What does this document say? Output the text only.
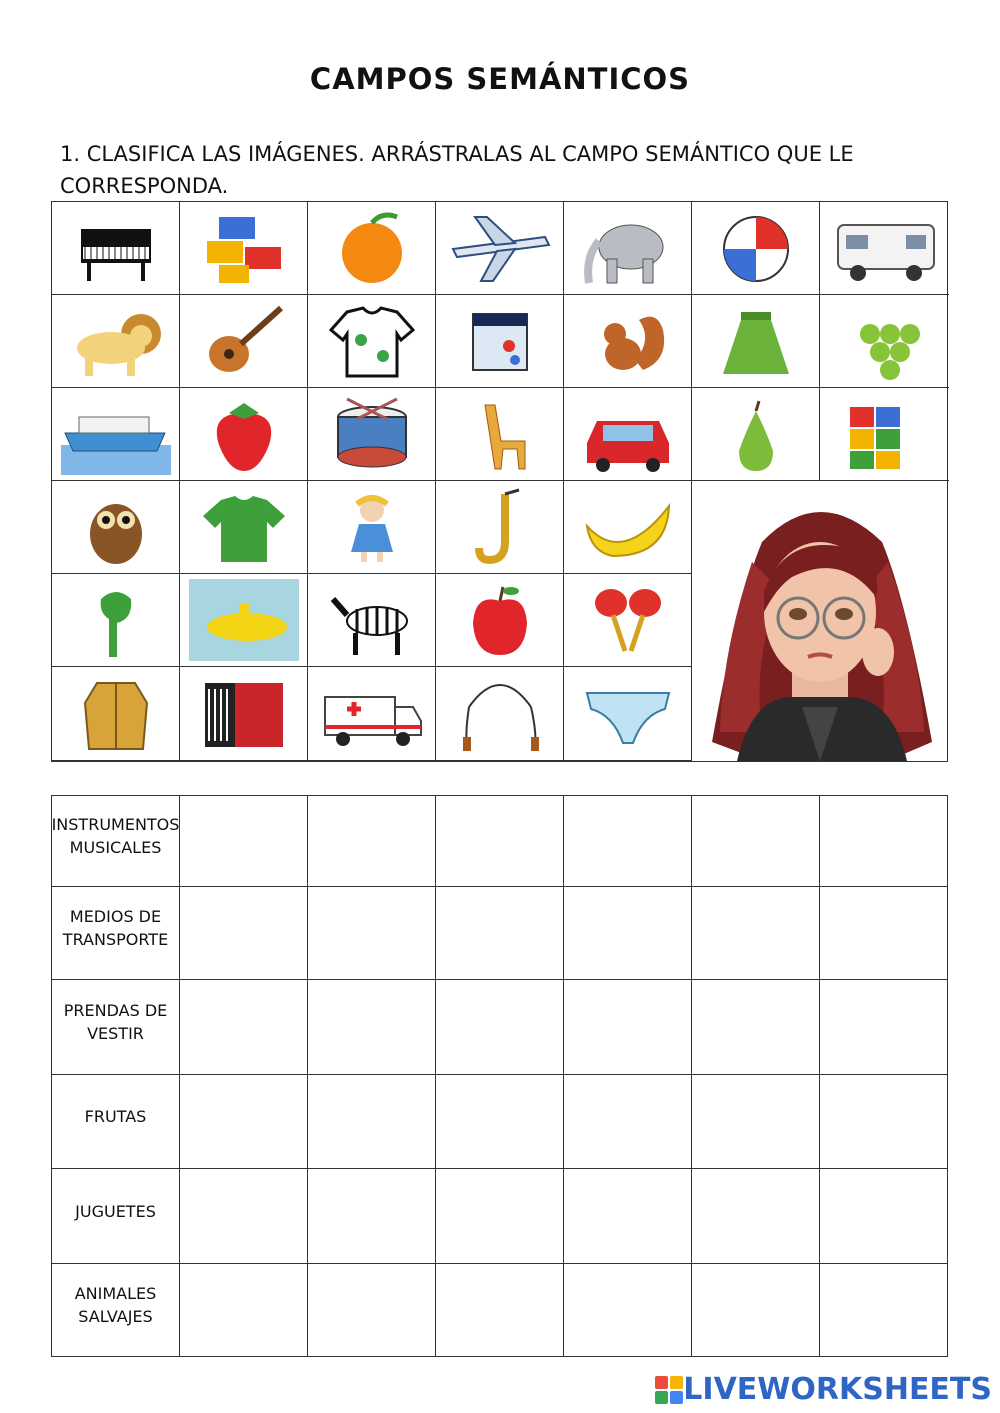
CAMPOS SEMÁNTICOS
1. CLASIFICA LAS IMÁGENES. ARRÁSTRALAS AL CAMPO SEMÁNTICO QUE LE CORRESPONDA.
INSTRUMENTOS MUSICALES
MEDIOS DE TRANSPORTE
PRENDAS DE VESTIR
FRUTAS
JUGUETES
ANIMALES SALVAJES
LIVEWORKSHEETS
